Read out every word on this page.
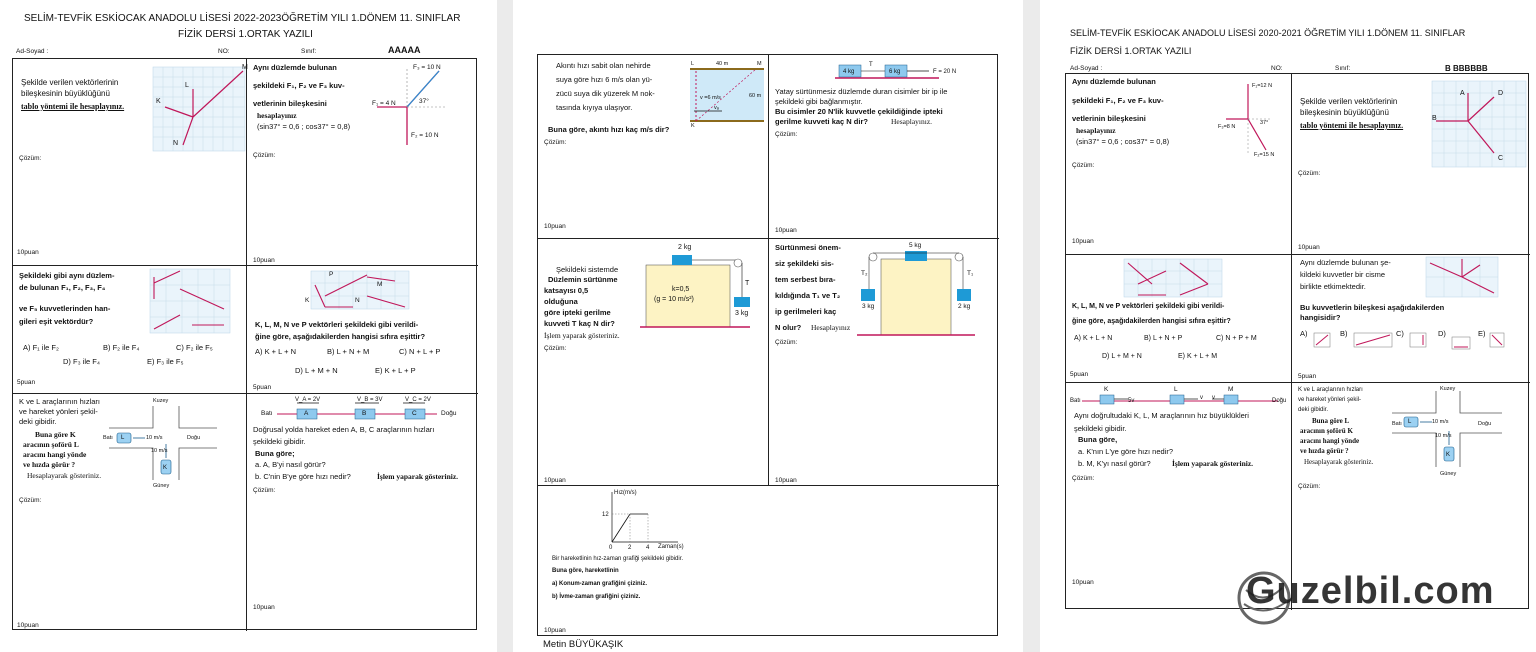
SELİM-TEVFİK ESKİOCAK ANADOLU LİSESİ 2022-2023ÖĞRETİM YILI 1.DÖNEM 11. SINIFLAR
FİZİK DERSİ 1.ORTAK YAZILI
Ad-Soyad :	NO:	Sınıf:	AAAAA
M
L
K
N
Şekilde verilen vektörlerinin bileşkesinin büyüklüğünü
tablo yöntemi ile hesaplayınız.
Çözüm:
10puan
Aynı düzlemde bulunan
şekildeki F₁, F₂ ve F₃ kuv-
vetlerinin bileşkesini
hesaplayınız
(sin37° = 0,6 ; cos37° = 0,8)
F₃ = 10 N
F₁ = 4 N	37°
F₂ = 10 N
Çözüm:
10puan
Şekildeki gibi aynı düzlem-
de bulunan F₁, F₂, F₃, F₄
ve F₅ kuvvetlerinden han-
gileri eşit vektördür?
A) F₁ ile F₂	B) F₂ ile F₄	C) F₂ ile F₅
D) F₃ ile F₄	E) F₃ ile F₅
5puan
P
M
K	N
K, L, M, N ve P vektörleri şekildeki gibi verildi-
ğine göre, aşağıdakilerden hangisi sıfıra eşittir?
A) K + L + N	B) L + N + M	C) N + L + P
D) L + M + N	E) K + L + P
5puan
K ve L araçlarının hızları
ve hareket yönleri şekil-
deki gibidir.
Buna göre K
aracının şoförü L
aracını hangi yönde
ve hızda görür ?
Hesaplayarak gösteriniz.
Kuzey
Güney
Batı	Doğu
10 m/s
10 m/s
L
K
Çözüm:
10puan
V_A = 2V	V_B = 3V	V_C = 2V
Batı	Doğu
A	B	C
Doğrusal yolda hareket eden A, B, C araçlarının hızları
şekildeki gibidir.
Buna göre;
a. A, B'yi nasıl görür?
b. C'nin B'ye göre hızı nedir?	İşlem yaparak gösteriniz.
Çözüm:
10puan
Akıntı hızı sabit olan nehirde
suya göre hızı 6 m/s olan yü-
zücü suya dik yüzerek M nok-
tasında kıyıya ulaşıyor.
L	40 m	M
K
v =6 m/s
vₐ
60 m
Buna göre, akıntı hızı kaç m/s dir?
Çözüm:
10puan
4 kg
T
6 kg	F = 20 N
Yatay sürtünmesiz düzlemde duran cisimler bir ip ile
şekildeki gibi bağlanmıştır.
Bu cisimler 20 N'lik kuvvetle çekildiğinde ipteki
gerilme kuvveti kaç N dir?	Hesaplayınız.
Çözüm:
10puan
2 kg
T
3 kg
k=0,5
(g = 10 m/s²)
Şekildeki sistemde
Düzlemin sürtünme
katsayısı 0,5
olduğuna
göre ipteki gerilme
kuvveti T kaç N dir?
İşlem yaparak gösteriniz.
Çözüm:
10puan
Sürtünmesi önem-
siz şekildeki sis-
tem serbest bıra-
kıldığında T₁ ve T₂
ip gerilmeleri kaç
N olur? Hesaplayınız
5 kg
T₂	T₁
3 kg	2 kg
Çözüm:
10puan
Hız(m/s)
Zaman(s)
12
0	2 4
Bir hareketlinin hız-zaman grafiği şekildeki gibidir.
Buna göre, hareketlinin
a) Konum-zaman grafiğini çiziniz.
b) İvme-zaman grafiğini çiziniz.
10puan
Metin BÜYÜKAŞIK
SELİM-TEVFİK ESKİOCAK ANADOLU LİSESİ 2020-2021 ÖĞRETİM YILI 1.DÖNEM 11. SINIFLAR
FİZİK DERSİ 1.ORTAK YAZILI
Ad-Soyad :	NO:	Sınıf:	B BBBBBB
Aynı düzlemde bulunan
şekildeki F₁, F₂ ve F₃ kuv-
vetlerinin bileşkesini
hesaplayınız
(sin37° = 0,6 ; cos37° = 0,8)
F₁=12 N
F₃=8 N
37°
F₂=15 N
Çözüm:
10puan
A	D
B
C
Şekilde verilen vektörlerinin bileşkesinin büyüklüğünü
tablo yöntemi ile hesaplayınız.
Çözüm:
10puan
K, L, M, N ve P vektörleri şekildeki gibi verildi-
ğine göre, aşağıdakilerden hangisi sıfıra eşittir?
A) K + L + N	B) L + N + P	C) N + P + M
D) L + M + N	E) K + L + M
5puan
Aynı düzlemde bulunan şe-
kildeki kuvvetler bir cisme
birlikte etkimektedir.
Bu kuvvetlerin bileşkesi aşağıdakilerden
hangisidir?
A)	B)	C)	D)	E)
5puan
K	L	M
Batı	Doğu
5v	v v
Aynı doğrultudaki K, L, M araçlarının hız büyüklükleri
şekildeki gibidir.
Buna göre,
a. K'nın L'ye göre hızı nedir?
b. M, K'yı nasıl görür?	İşlem yaparak gösteriniz.
Çözüm:
10puan
K ve L araçlarının hızları
ve hareket yönleri şekil-
deki gibidir.
Buna göre L
aracının şoförü K
aracını hangi yönde
ve hızda görür ?
Hesaplayarak gösteriniz.
Kuzey
Güney
Batı	Doğu
10 m/s
10 m/s
L
K
Çözüm:
Guzelbil.com
